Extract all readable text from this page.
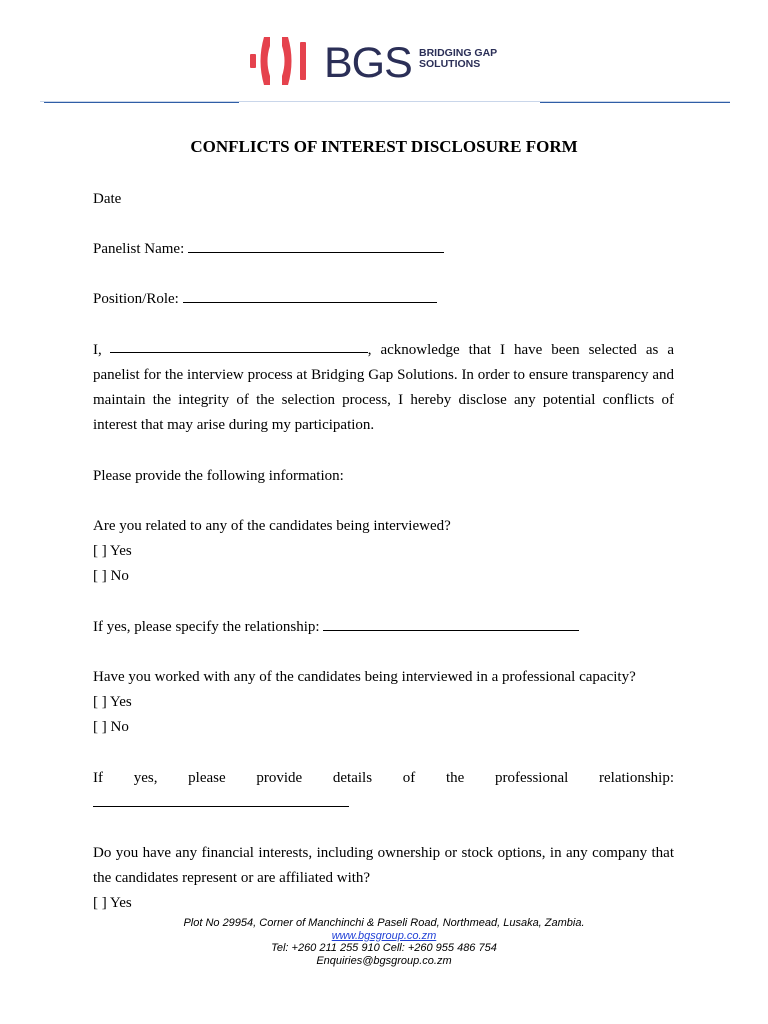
BGS BRIDGING GAP
SOLUTIONS
CONFLICTS OF INTEREST DISCLOSURE FORM
Date
Panelist Name:
Position/Role:
I,	, acknowledge that I have been selected as a
panelist for the interview process at Bridging Gap Solutions. In order to ensure transparency and maintain the integrity of the selection process, I hereby disclose any potential conflicts of interest that may arise during my participation.
Please provide the following information:
Are you related to any of the candidates being interviewed?
[ ] Yes
[ ] No
If yes, please specify the relationship:
Have you worked with any of the candidates being interviewed in a professional capacity?
[ ] Yes
[ ] No
If yes, please provide details of the professional relationship:
Do you have any financial interests, including ownership or stock options, in any company that the candidates represent or are affiliated with?
[ ] Yes
Plot No 29954, Corner of Manchinchi & Paseli Road, Northmead, Lusaka, Zambia.
www.bgsgroup.co.zm
Tel: +260 211 255 910 Cell: +260 955 486 754
Enquiries@bgsgroup.co.zm
